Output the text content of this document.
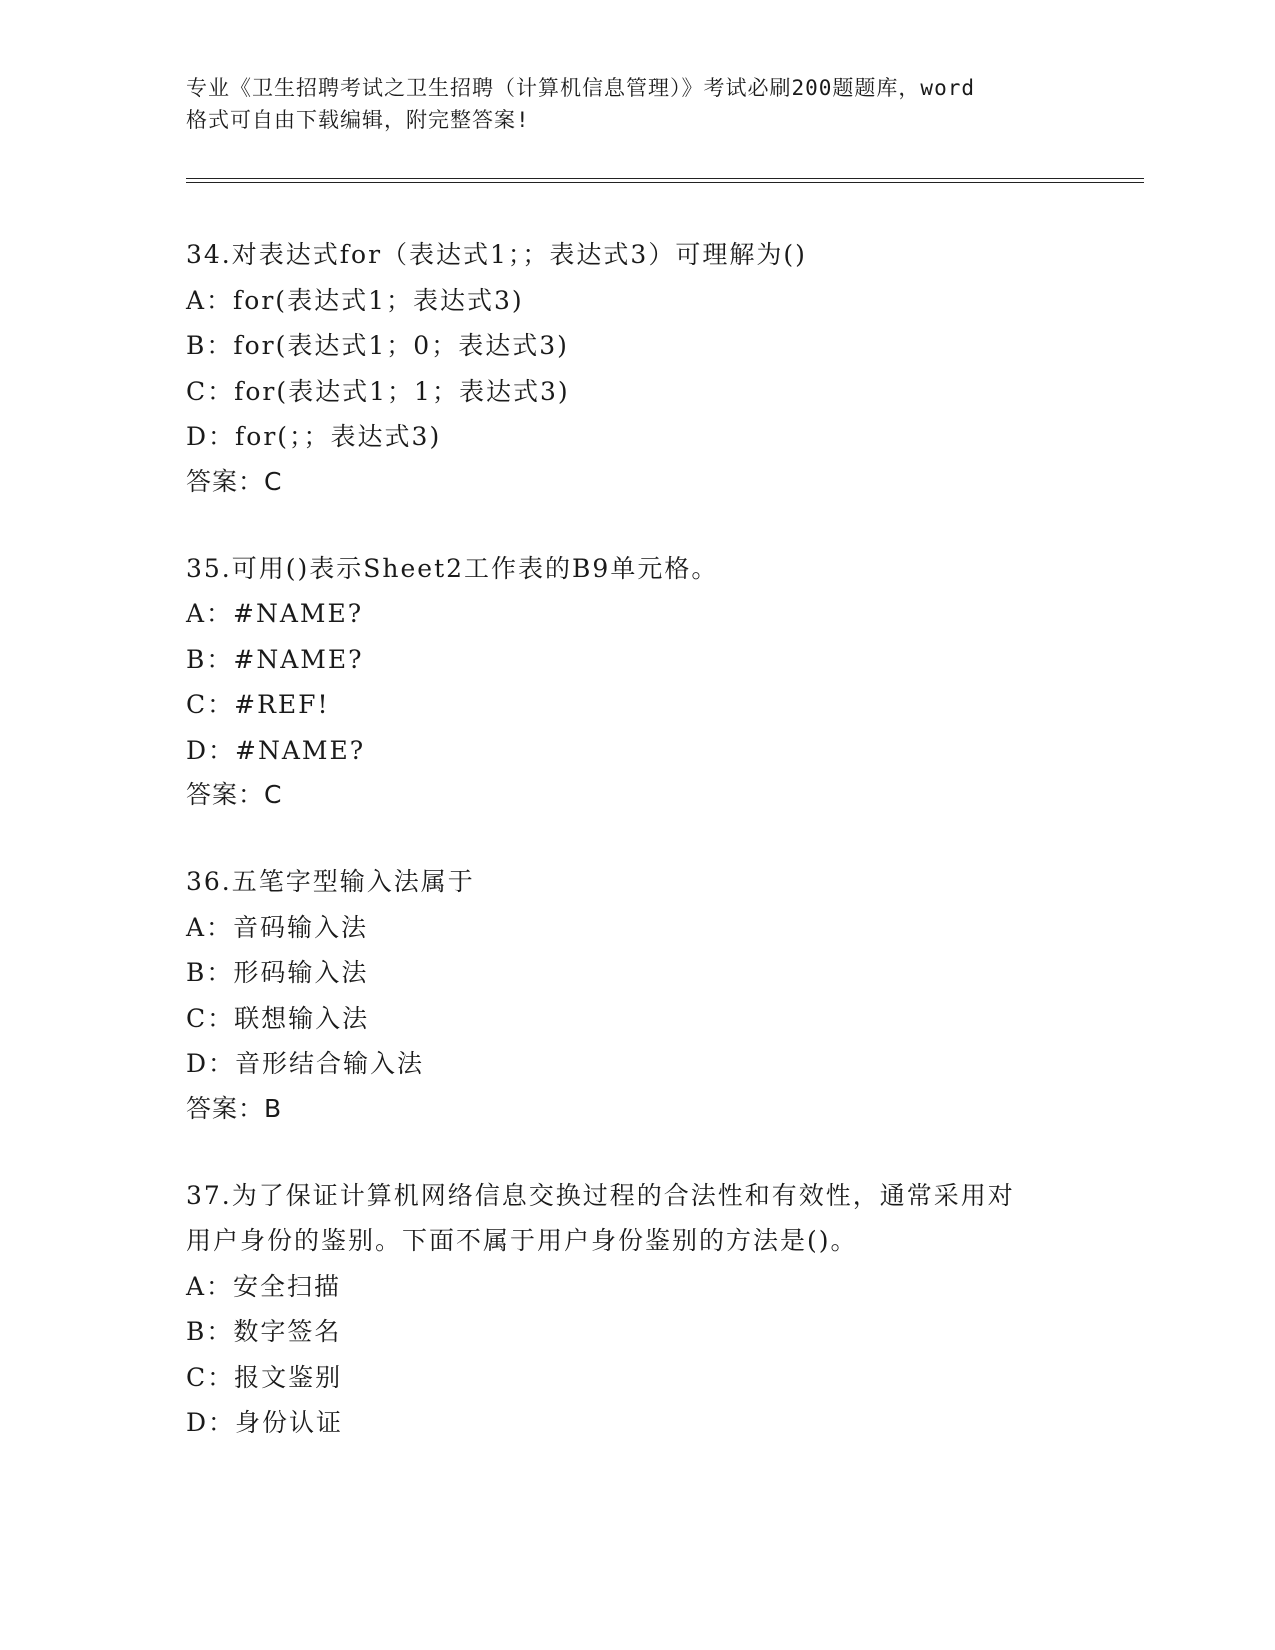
专业《卫生招聘考试之卫生招聘（计算机信息管理）》考试必刷200题题库，word
格式可自由下载编辑，附完整答案!
34.对表达式for（表达式1；；表达式3）可理解为()
A：for(表达式1；表达式3)
B：for(表达式1；0；表达式3)
C：for(表达式1；1；表达式3)
D：for(；；表达式3)
答案：C
35.可用()表示Sheet2工作表的B9单元格。
A：#NAME?
B：#NAME?
C：#REF!
D：#NAME?
答案：C
36.五笔字型输入法属于
A：音码输入法
B：形码输入法
C：联想输入法
D：音形结合输入法
答案：B
37.为了保证计算机网络信息交换过程的合法性和有效性，通常采用对
用户身份的鉴别。下面不属于用户身份鉴别的方法是()。
A：安全扫描
B：数字签名
C：报文鉴别
D：身份认证
